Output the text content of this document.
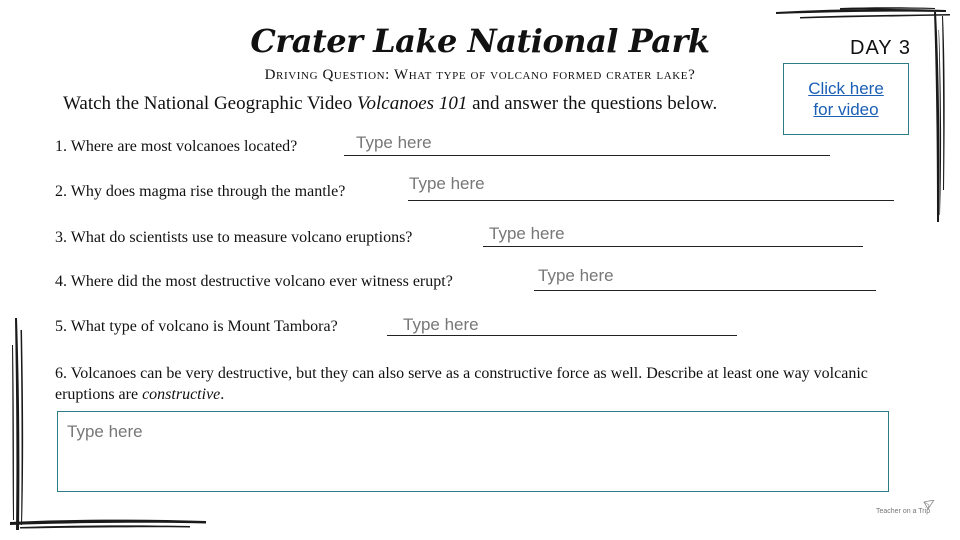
Crater Lake National Park	DAY 3
Driving Question: What type of volcano formed crater lake?
Watch the National Geographic Video Volcanoes 101 and answer the questions below.
Click here
for video
1. Where are most volcanoes located?	Type here
2. Why does magma rise through the mantle?	Type here
3. What do scientists use to measure volcano eruptions?	Type here
4. Where did the most destructive volcano ever witness erupt?	Type here
5. What type of volcano is Mount Tambora?	Type here
6. Volcanoes can be very destructive, but they can also serve as a constructive force as well. Describe at least one way volcanic eruptions are constructive.
Type here
Teacher on a Trip
